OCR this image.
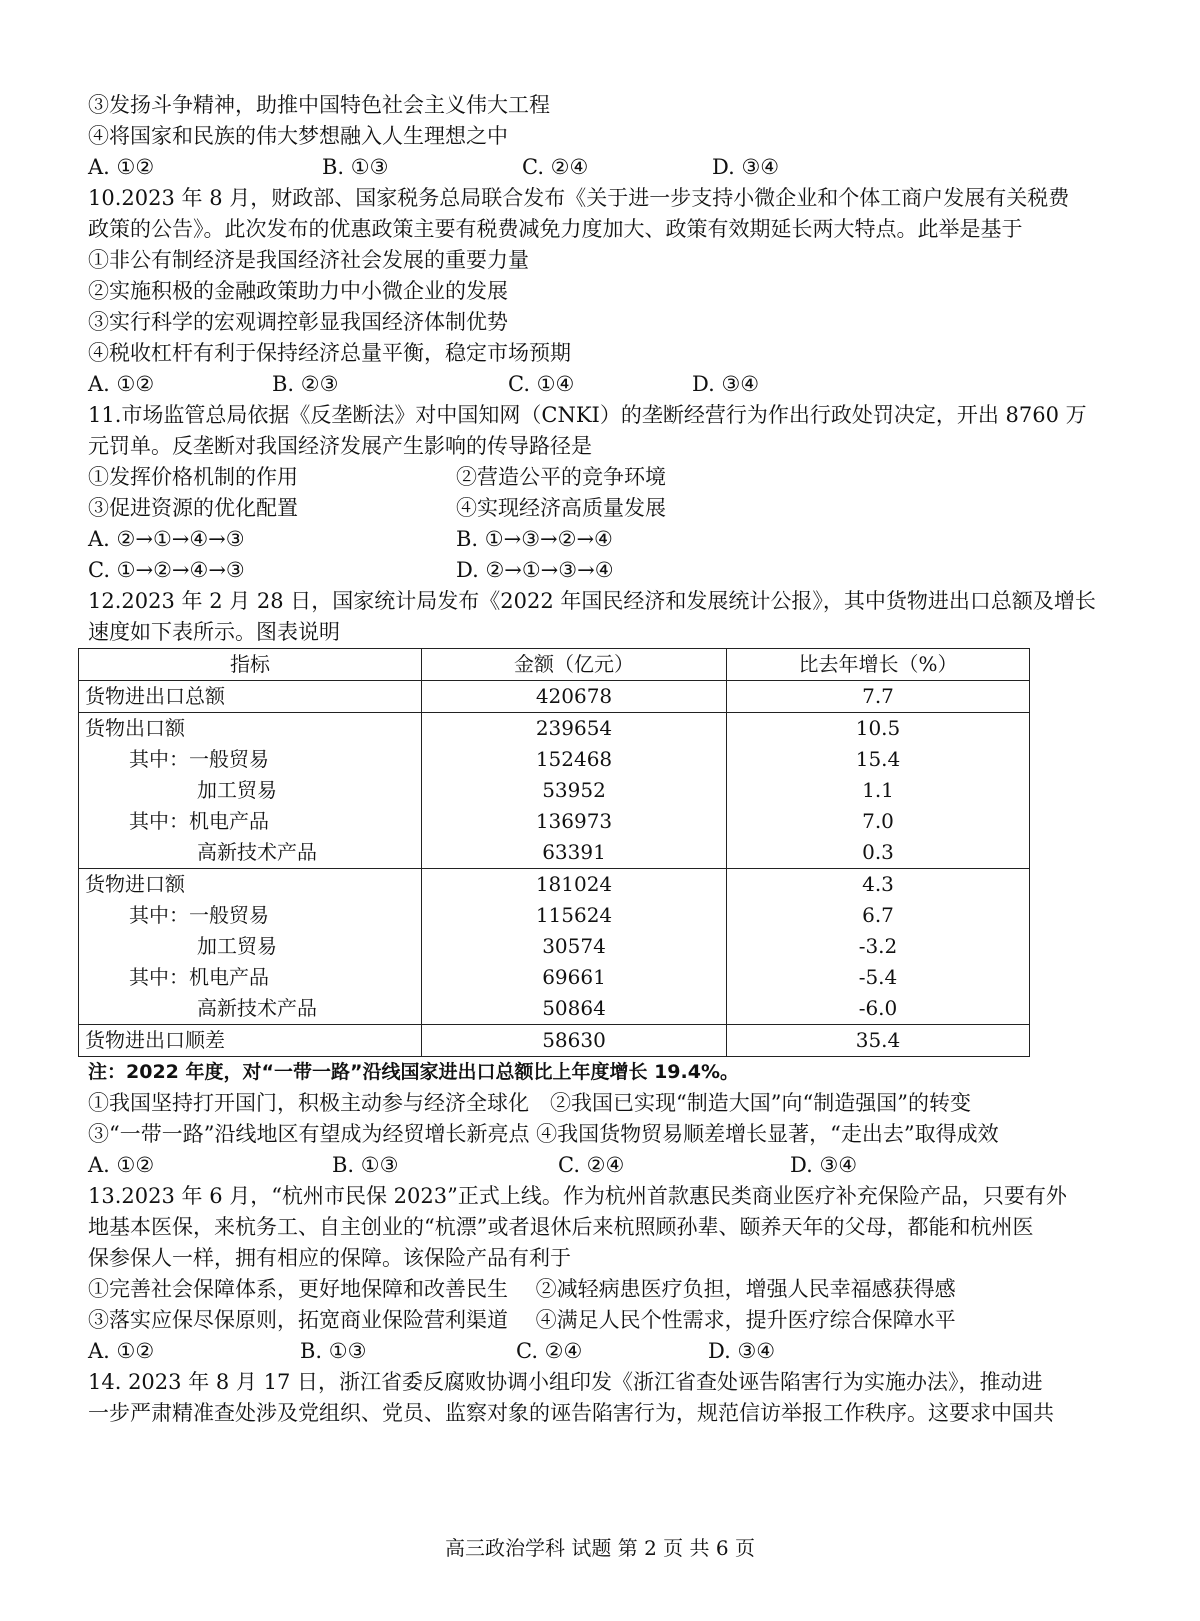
③发扬斗争精神，助推中国特色社会主义伟大工程
④将国家和民族的伟大梦想融入人生理想之中
A. ①②	B. ①③	C. ②④	D. ③④
10.2023 年 8 月，财政部、国家税务总局联合发布《关于进一步支持小微企业和个体工商户发展有关税费
政策的公告》。此次发布的优惠政策主要有税费减免力度加大、政策有效期延长两大特点。此举是基于
①非公有制经济是我国经济社会发展的重要力量
②实施积极的金融政策助力中小微企业的发展
③实行科学的宏观调控彰显我国经济体制优势
④税收杠杆有利于保持经济总量平衡，稳定市场预期
A. ①②	B. ②③	C. ①④	D. ③④
11.市场监管总局依据《反垄断法》对中国知网（CNKI）的垄断经营行为作出行政处罚决定，开出 8760 万
元罚单。反垄断对我国经济发展产生影响的传导路径是
①发挥价格机制的作用	②营造公平的竞争环境
③促进资源的优化配置	④实现经济高质量发展
A. ②→①→④→③	B. ①→③→②→④
C. ①→②→④→③	D. ②→①→③→④
12.2023 年 2 月 28 日，国家统计局发布《2022 年国民经济和发展统计公报》，其中货物进出口总额及增长
速度如下表所示。图表说明
指标	金额（亿元）	比去年增长（%）
货物进出口总额	420678	7.7
货物出口额	239654	10.5
其中：一般贸易	152468	15.4
加工贸易	53952	1.1
其中：机电产品	136973	7.0
高新技术产品	63391	0.3
货物进口额	181024	4.3
其中：一般贸易	115624	6.7
加工贸易	30574	-3.2
其中：机电产品	69661	-5.4
高新技术产品	50864	-6.0
货物进出口顺差	58630	35.4
注：2022 年度，对“一带一路”沿线国家进出口总额比上年度增长 19.4%。
①我国坚持打开国门，积极主动参与经济全球化　②我国已实现“制造大国”向“制造强国”的转变
③“一带一路”沿线地区有望成为经贸增长新亮点 ④我国货物贸易顺差增长显著，“走出去”取得成效
A. ①②	B. ①③	C. ②④	D. ③④
13.2023 年 6 月，“杭州市民保 2023”正式上线。作为杭州首款惠民类商业医疗补充保险产品，只要有外
地基本医保，来杭务工、自主创业的“杭漂”或者退休后来杭照顾孙辈、颐养天年的父母，都能和杭州医
保参保人一样，拥有相应的保障。该保险产品有利于
①完善社会保障体系，更好地保障和改善民生　 ②减轻病患医疗负担，增强人民幸福感获得感
③落实应保尽保原则，拓宽商业保险营利渠道　 ④满足人民个性需求，提升医疗综合保障水平
A. ①②	B. ①③	C. ②④	D. ③④
14. 2023 年 8 月 17 日，浙江省委反腐败协调小组印发《浙江省查处诬告陷害行为实施办法》，推动进
一步严肃精准查处涉及党组织、党员、监察对象的诬告陷害行为，规范信访举报工作秩序。这要求中国共
高三政治学科 试题 第 2 页 共 6 页
